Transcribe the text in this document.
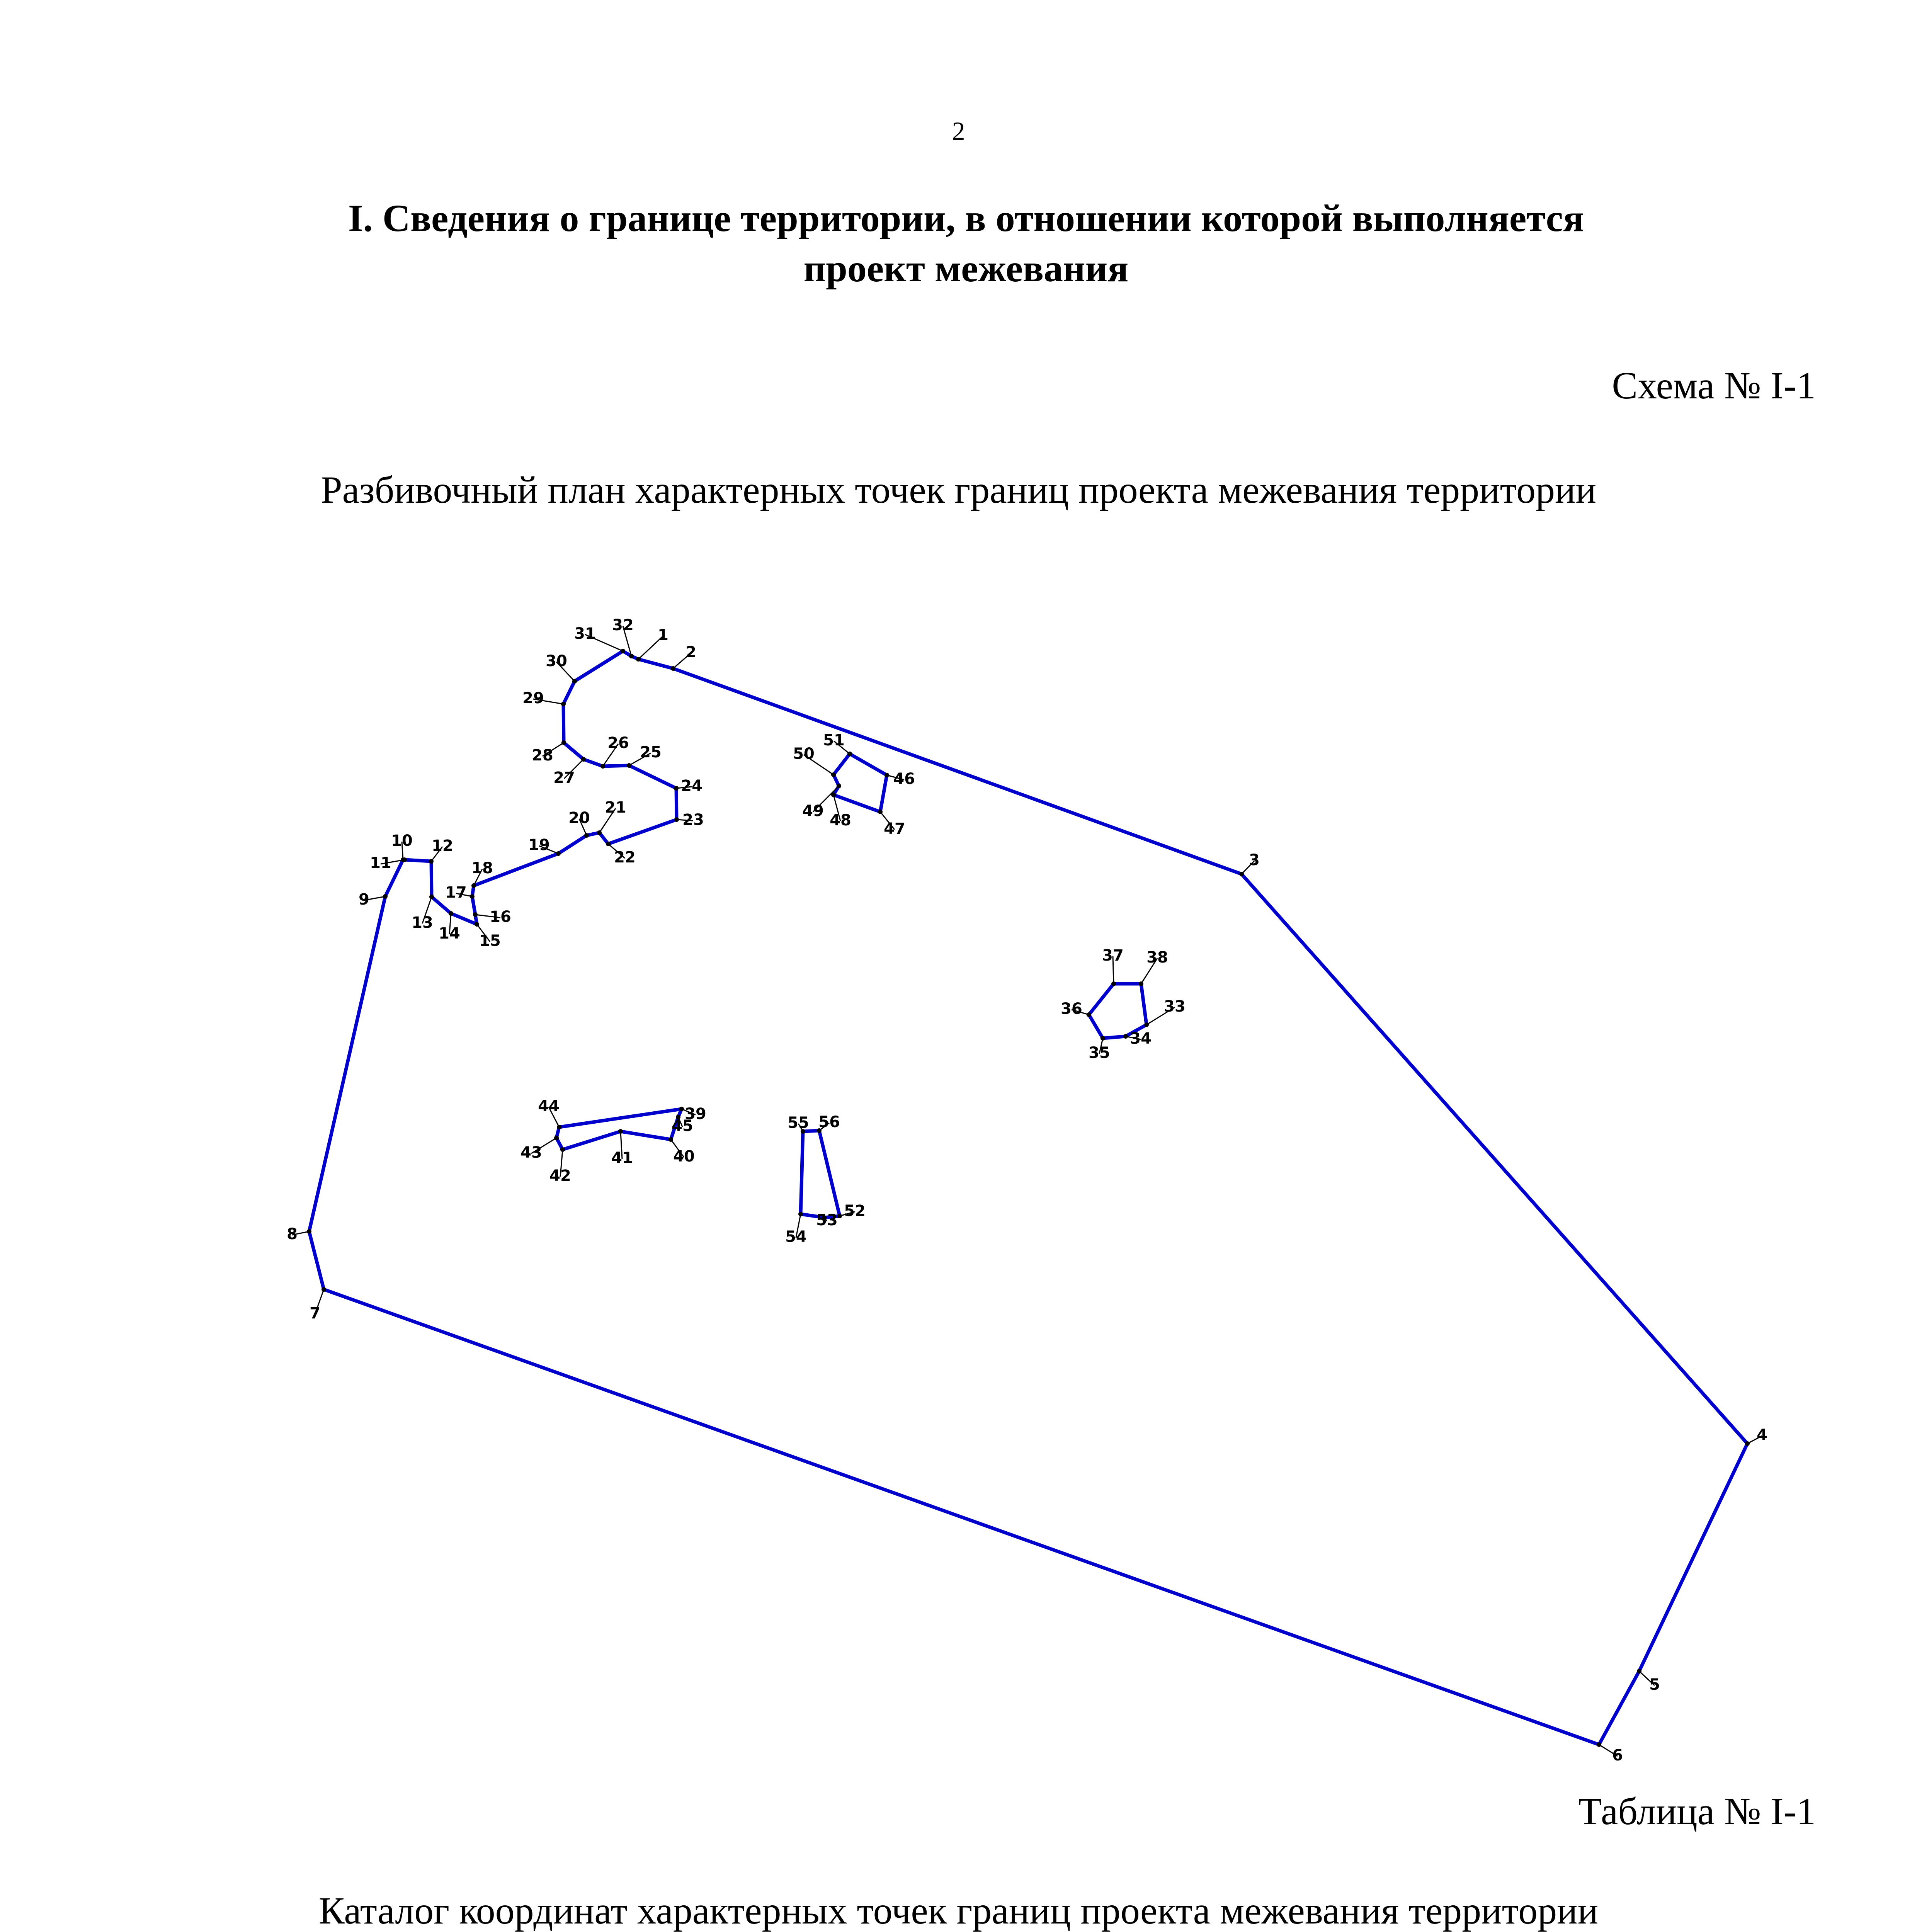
2
I. Сведения о границе территории, в отношении которой выполняется
проект межевания
Схема № I-1
Разбивочный план характерных точек границ проекта межевания территории
1
2
3
4
5
6
7
8
9
10
11
12
13
14 15
16
17
18
19
20
21
22
23
24
25
26
27
28
29
30
31 32
33
34
35
36
37 38
39
40
41
42
43
44
45
46
47
48
49
50
51
52
53
54
55 56
Таблица № I-1
Каталог координат характерных точек границ проекта межевания территории
